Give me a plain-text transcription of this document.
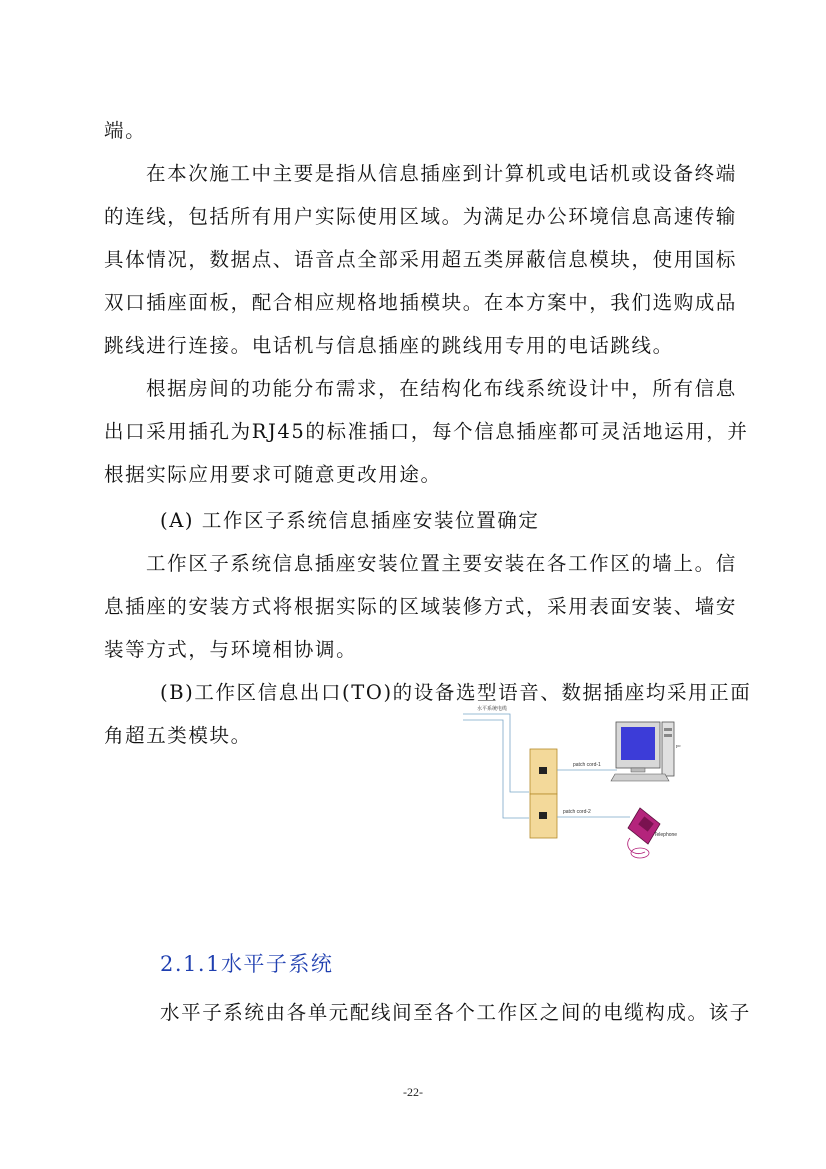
端。
在本次施工中主要是指从信息插座到计算机或电话机或设备终端
的连线，包括所有用户实际使用区域。为满足办公环境信息高速传输
具体情况，数据点、语音点全部采用超五类屏蔽信息模块，使用国标
双口插座面板，配合相应规格地插模块。在本方案中，我们选购成品
跳线进行连接。电话机与信息插座的跳线用专用的电话跳线。
根据房间的功能分布需求，在结构化布线系统设计中，所有信息
出口采用插孔为RJ45的标准插口，每个信息插座都可灵活地运用，并
根据实际应用要求可随意更改用途。
(A) 工作区子系统信息插座安装位置确定
工作区子系统信息插座安装位置主要安装在各工作区的墙上。信
息插座的安装方式将根据实际的区域装修方式，采用表面安装、墙安
装等方式，与环境相协调。
(B)工作区信息出口(TO)的设备选型语音、数据插座均采用正面
角超五类模块。
水平系统电缆
patch cord-1
patch cord-2
pc
Telephone
2.1.1水平子系统
水平子系统由各单元配线间至各个工作区之间的电缆构成。该子
-22-
